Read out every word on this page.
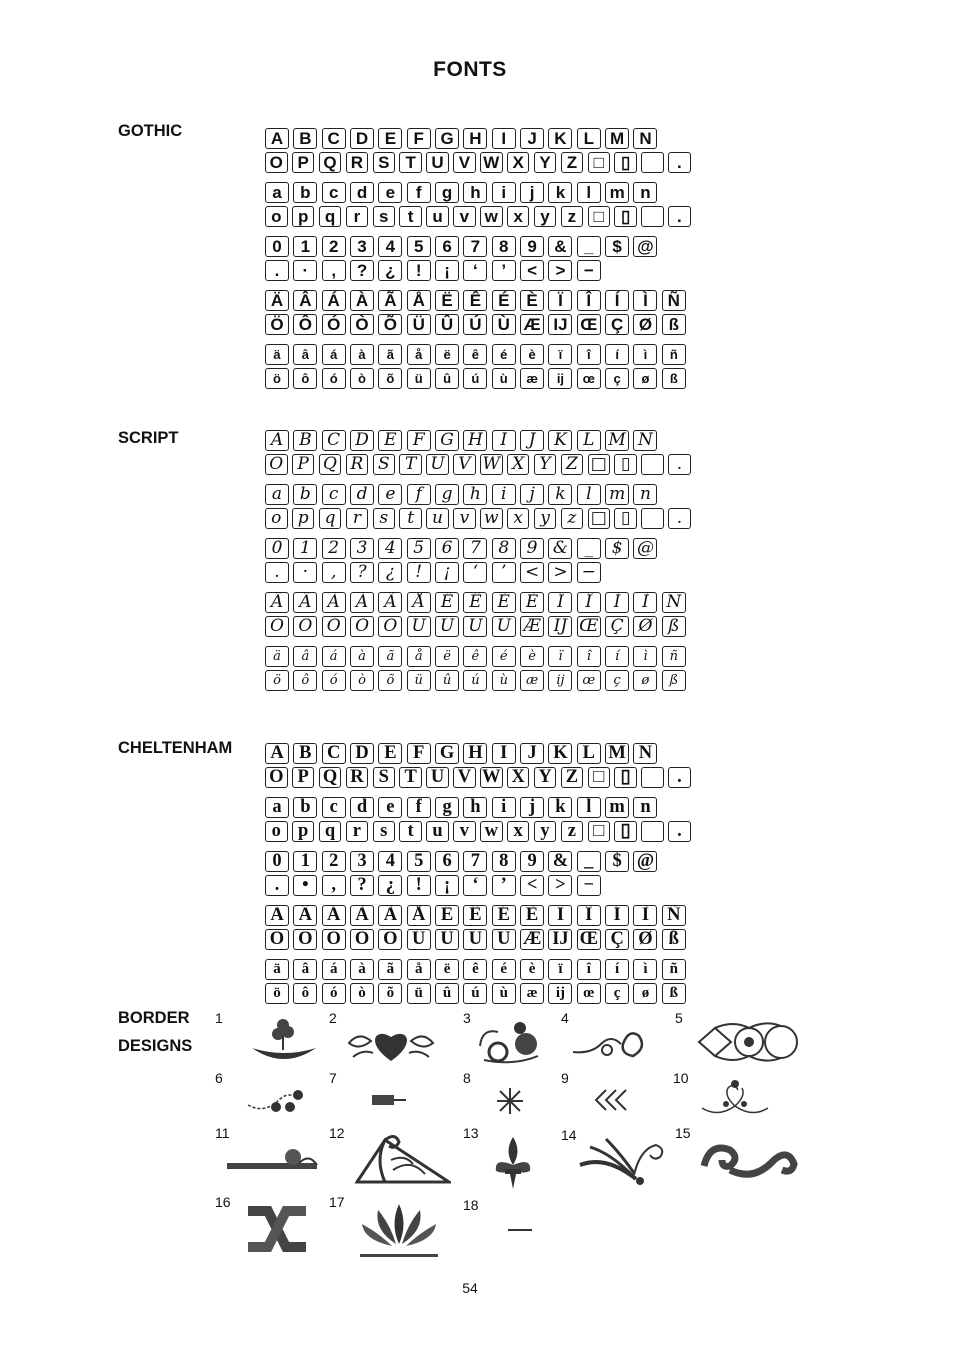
FONTS
GOTHIC	A B C D E	F G H	I	J	K	L M N
O P Q R S T U V W X Y Z □	▯	.
a	b	c	d	e	f	g	h	i	j	k	l	m n
o p q	r	s	t	u v w x	y	z	□	▯	.
0	1	2	3	4	5	6	7	8	9	&	_	$ @
.	·	,	?	¿	!	¡	‘	’	<	>	−
Ä Â Á À Ã Å Ë	Ê	É	È	Ï	Î	Í	Ì	Ñ
Ö Ô Ó Ò Õ Ü Û Ú Ù Æ IJ Œ Ç Ø ß
ä	â	á	à	ã	å	ë	ê	é	è	ï	î	í	ì	ñ
ö	ô	ó	ò	õ	ü	û	ú	ù	æ	ij	œ	ç	ø	ß
SCRIPT	A B C D E F G H	I	J	K L M N
O P Q R S T U V W X Y Z □ ▯	.
a	b	c	d	e	f	g	h	i	j	k	l	m n
o p q	r	s	t	u v w x	y	z □ ▯	.
0	1	2	3	4	5	6	7	8	9 & _	$ @
.	·	,	?	¿	!	¡	‘	’	< > −
Ä Â Á À Ã Å Ë Ê É È	Ï	Î	Í	Ì	Ñ
Ö Ô Ó Ò Õ Ü Û Ú Ù Æ IJ Œ Ç Ø ß
ä	â	á	à	ã	å	ë	ê	é	è	ï	î	í	ì	ñ
ö	ô	ó	ò	õ	ü	û	ú	ù	æ	ij	œ	ç	ø	ß
CHELTENHAM A B C D E F G H I	J K L M N
O P Q R S T U V W X Y Z □ ▯	.
a	b	c	d	e	f	g	h	i	j	k	l m n
o p q r	s	t	u v w x y z □ ▯	.
0	1	2	3	4	5	6	7	8	9 & _	$ @
.	•	,	?	¿	!	¡	‘	’	< > −
Ä Â Á À Ã Å Ë Ê É È	Ï	Î	Í	Ì Ñ
Ö Ô Ó Ò Õ Ü Û Ú Ù Æ IJ Œ Ç Ø ß
ä	â	á	à	ã	å	ë	ê	é	è	ï	î	í	ì	ñ
ö	ô	ó	ò	õ	ü	û	ú	ù	æ	ij	œ	ç	ø	ß
BORDER
DESIGNS
1	2	3	4	5
6	7	8	9	10
11	12	13	14	15
16	17	18
54
